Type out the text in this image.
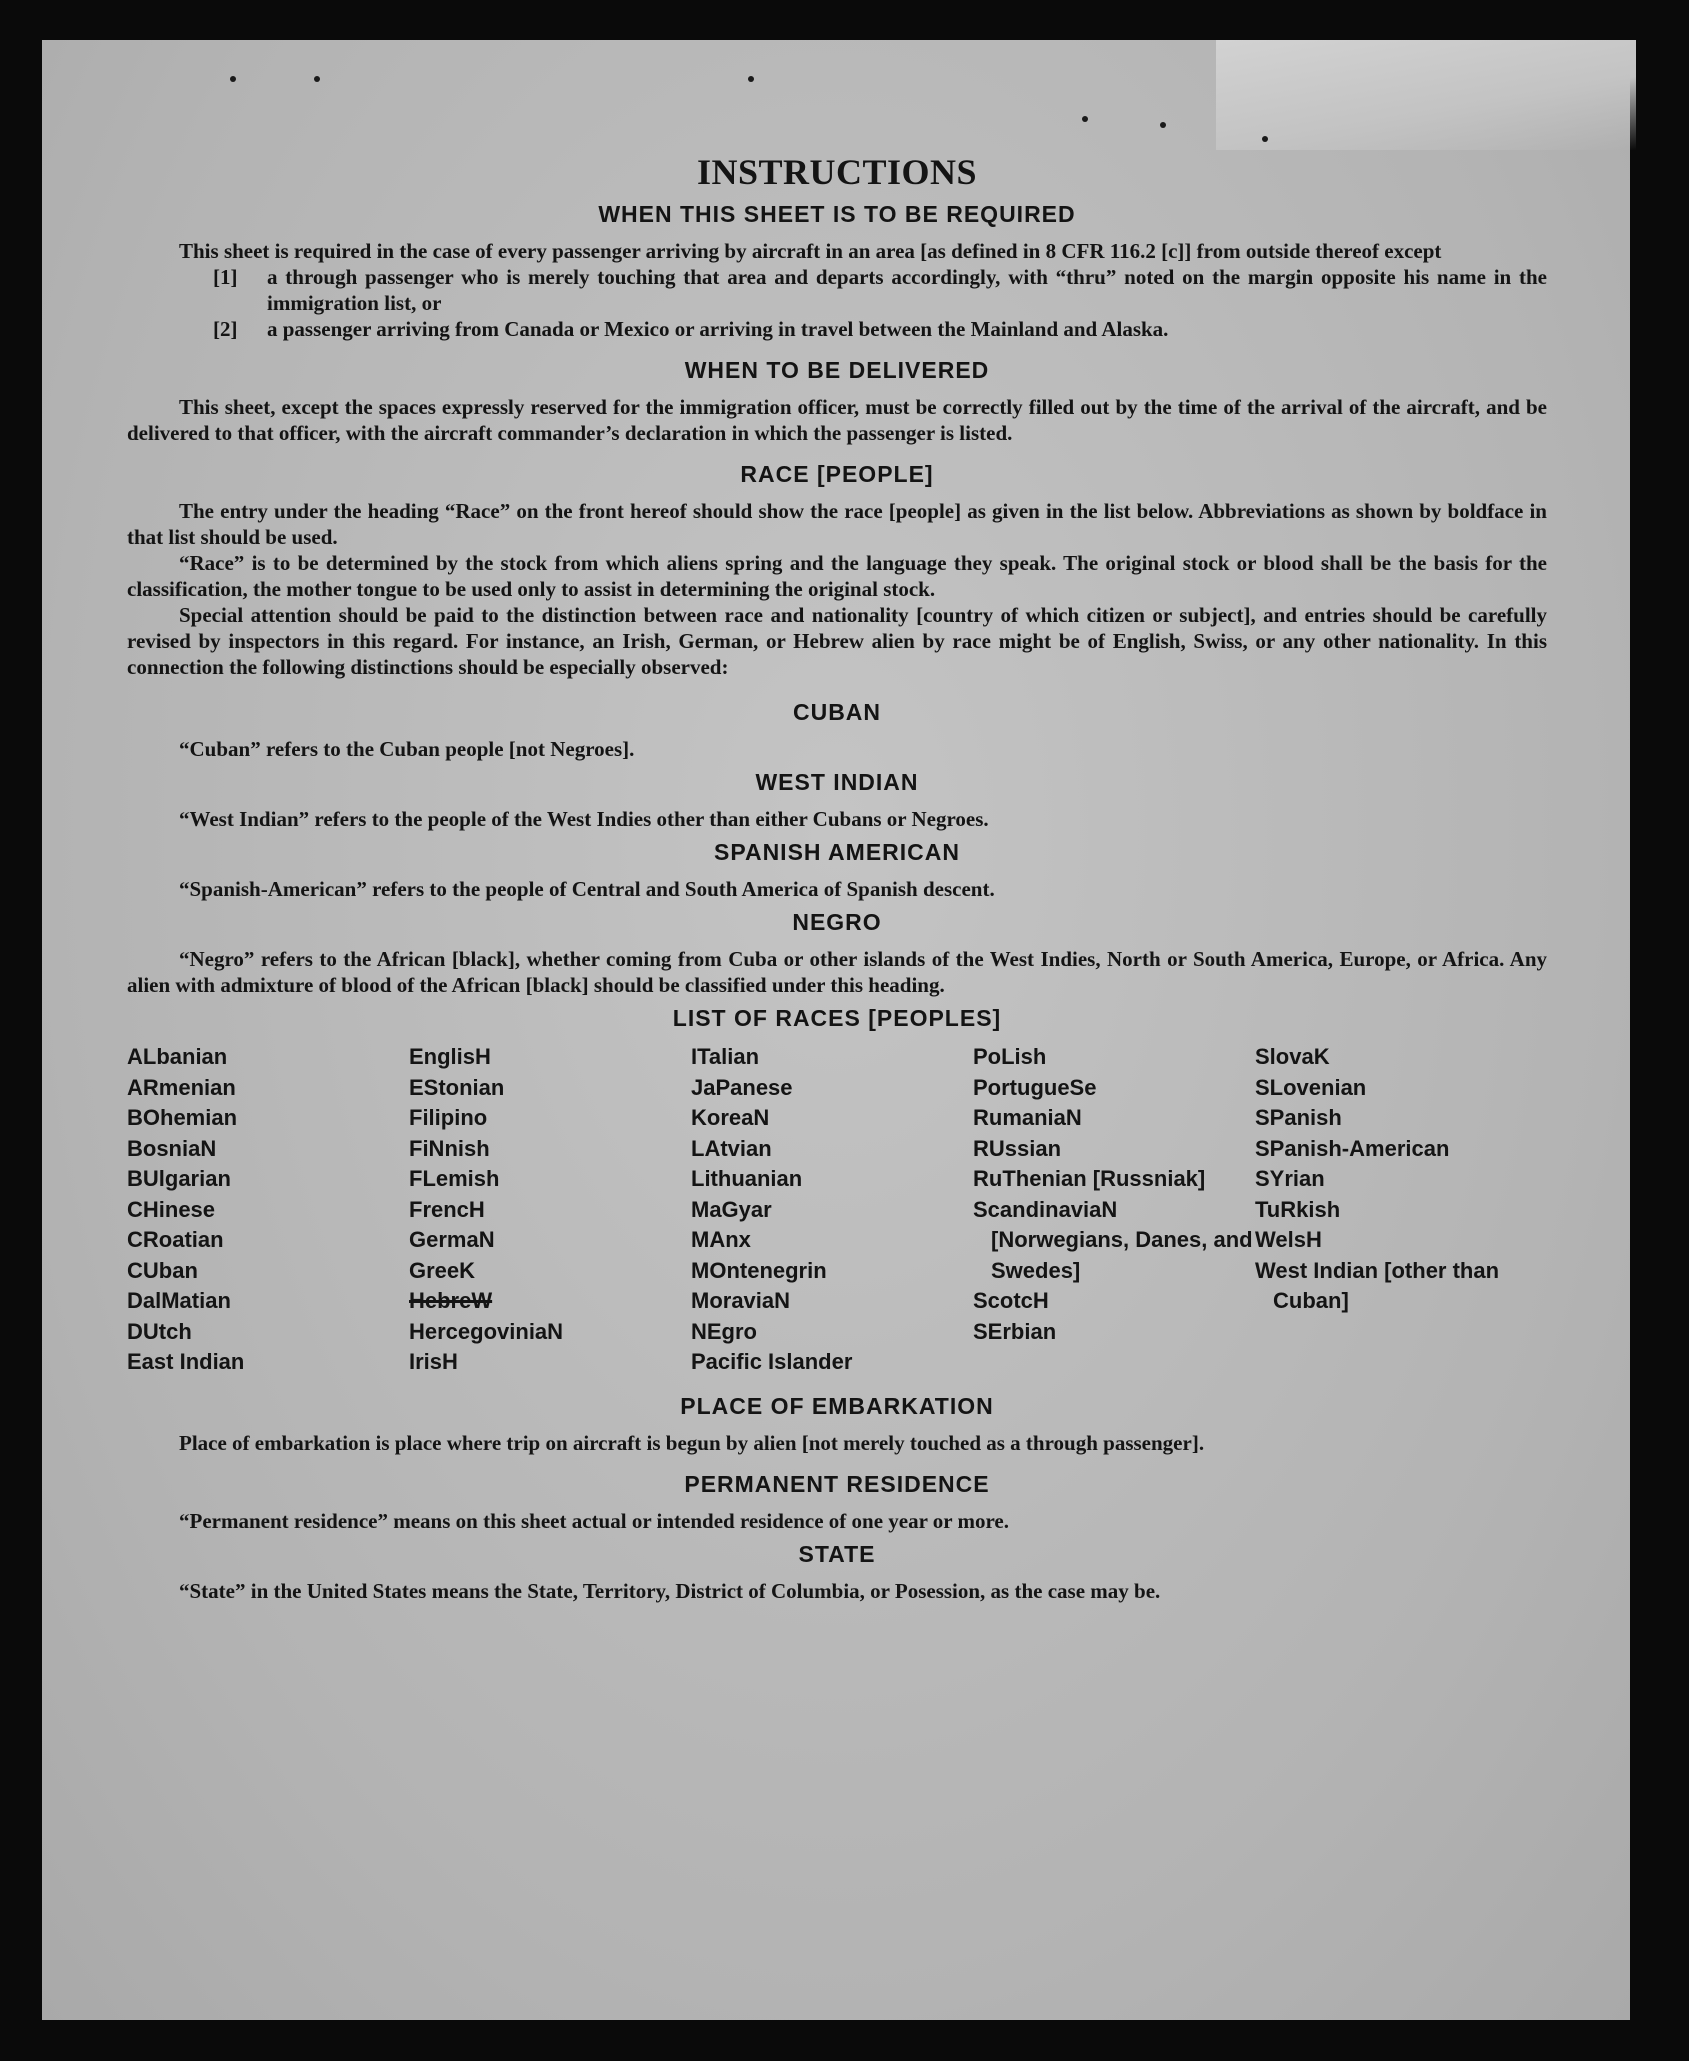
INSTRUCTIONS
WHEN THIS SHEET IS TO BE REQUIRED

This sheet is required in the case of every passenger arriving by aircraft in an area [as defined in 8 CFR 116.2 [c]] from outside thereof except

[1] a through passenger who is merely touching that area and departs accordingly, with “thru” noted on the margin opposite his name in the immigration list, or
[2] a passenger arriving from Canada or Mexico or arriving in travel between the Mainland and Alaska.
WHEN TO BE DELIVERED

This sheet, except the spaces expressly reserved for the immigration officer, must be correctly filled out by the time of the arrival of the aircraft, and be delivered to that officer, with the aircraft commander’s declaration in which the passenger is listed.

RACE [PEOPLE]

The entry under the heading “Race” on the front hereof should show the race [people] as given in the list below. Abbreviations as shown by boldface in that list should be used.

“Race” is to be determined by the stock from which aliens spring and the language they speak. The original stock or blood shall be the basis for the classification, the mother tongue to be used only to assist in determining the original stock.

Special attention should be paid to the distinction between race and nationality [country of which citizen or subject], and entries should be carefully revised by inspectors in this regard. For instance, an Irish, German, or Hebrew alien by race might be of English, Swiss, or any other nationality. In this connection the following distinctions should be especially observed:

CUBAN

“Cuban” refers to the Cuban people [not Negroes].

WEST INDIAN

“West Indian” refers to the people of the West Indies other than either Cubans or Negroes.

SPANISH AMERICAN

“Spanish-American” refers to the people of Central and South America of Spanish descent.

NEGRO

“Negro” refers to the African [black], whether coming from Cuba or other islands of the West Indies, North or South America, Europe, or Africa. Any alien with admixture of blood of the African [black] should be classified under this heading.

LIST OF RACES [PEOPLES]
ALbanian
ARmenian
BOhemian
BosniaN
BUlgarian
CHinese
CRoatian
CUban
DalMatian
DUtch
East Indian
EnglisH
EStonian
Filipino
FiNnish
FLemish
FrencH
GermaN
GreeK
HebreW
HercegoviniaN
IrisH
ITalian
JaPanese
KoreaN
LAtvian
Lithuanian
MaGyar
MAnx
MOntenegrin
MoraviaN
NEgro
Pacific Islander
PoLish
PortugueSe
RumaniaN
RUssian
RuThenian [Russniak]
ScandinaviaN [Norwegians, Danes, and Swedes]
ScotcH
SErbian
SlovaK
SLovenian
SPanish
SPanish-American
SYrian
TuRkish
WelsH
West Indian [other than Cuban]
PLACE OF EMBARKATION

Place of embarkation is place where trip on aircraft is begun by alien [not merely touched as a through passenger].

PERMANENT RESIDENCE

“Permanent residence” means on this sheet actual or intended residence of one year or more.

STATE

“State” in the United States means the State, Territory, District of Columbia, or Posession, as the case may be.
